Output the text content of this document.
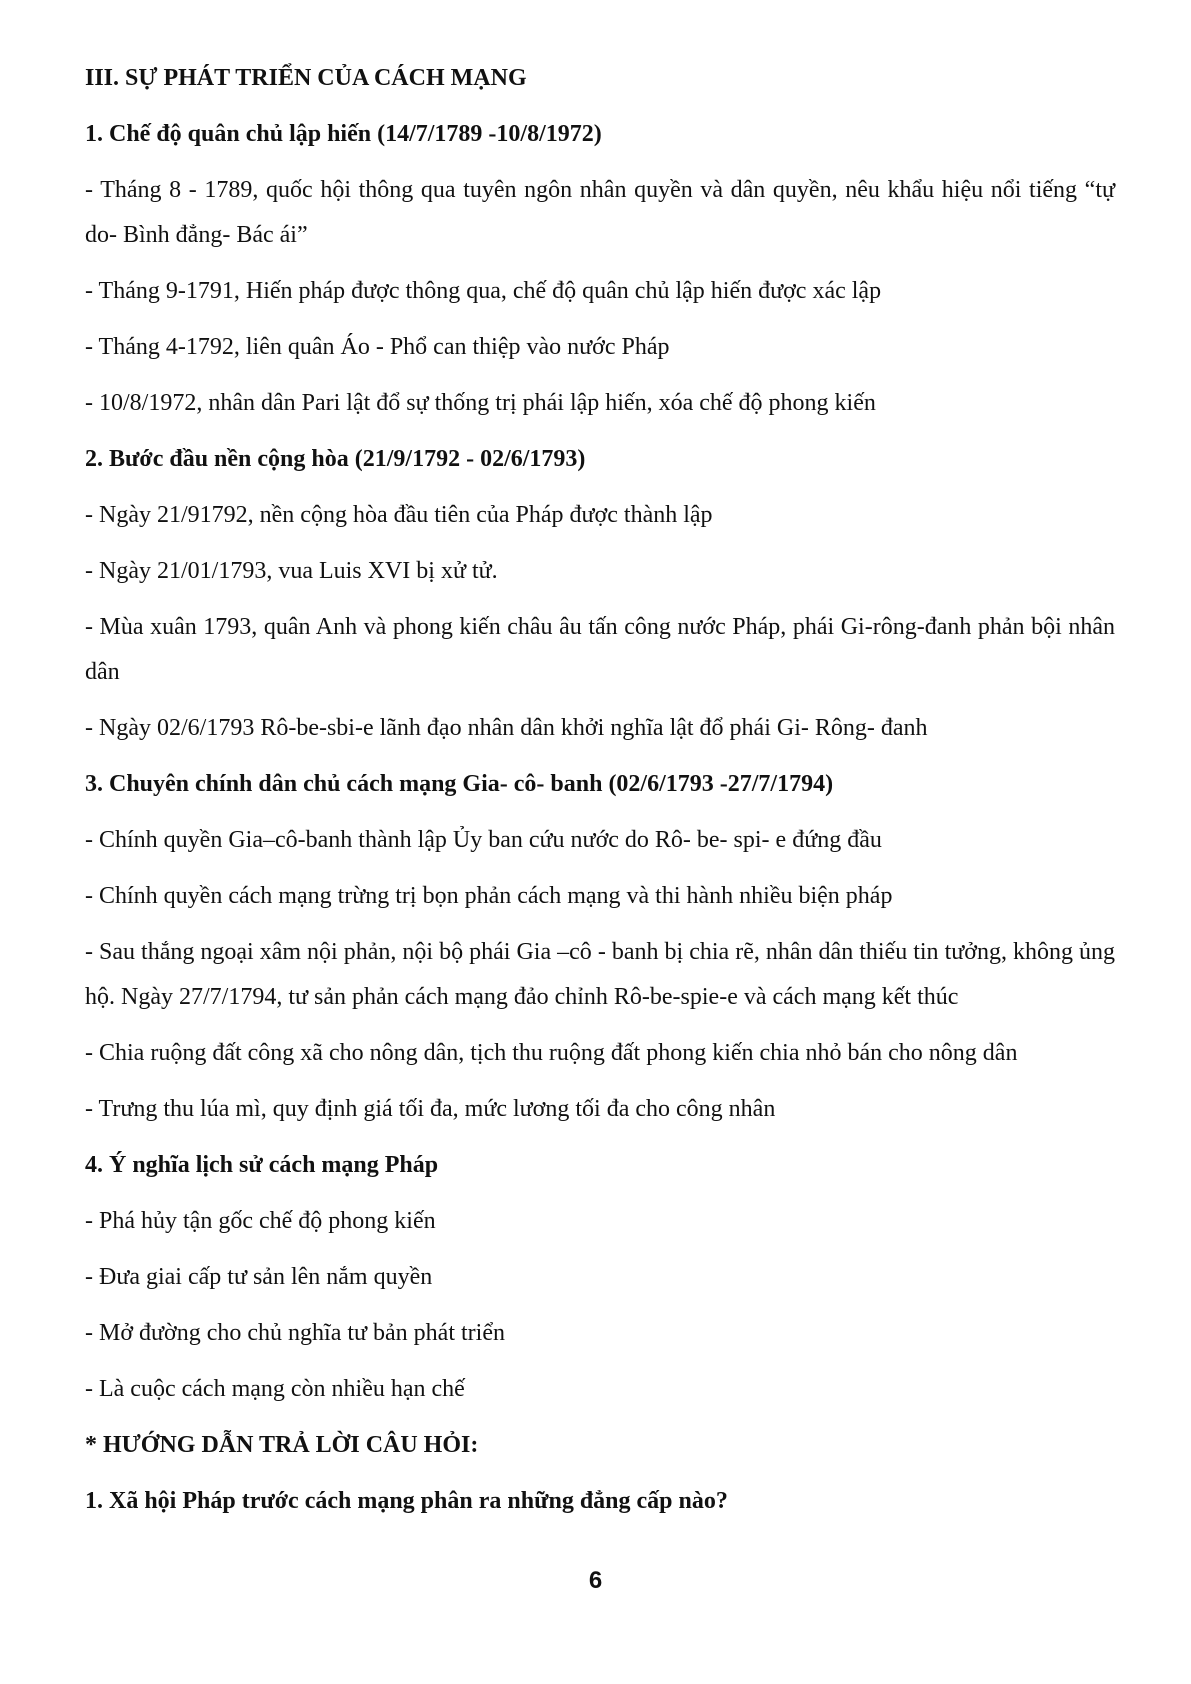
III. SỰ PHÁT TRIỂN CỦA CÁCH MẠNG

1. Chế độ quân chủ lập hiến (14/7/1789 -10/8/1972)

- Tháng 8 - 1789, quốc hội thông qua tuyên ngôn nhân quyền và dân quyền, nêu khẩu hiệu nổi tiếng “tự do- Bình đẳng- Bác ái”

- Tháng 9-1791, Hiến pháp được thông qua, chế độ quân chủ lập hiến được xác lập

- Tháng 4-1792, liên quân Áo - Phổ can thiệp vào nước Pháp

- 10/8/1972, nhân dân Pari lật đổ sự thống trị phái lập hiến, xóa chế độ phong kiến

2. Bước đầu nền cộng hòa (21/9/1792 - 02/6/1793)

- Ngày 21/91792, nền cộng hòa đầu tiên của Pháp được thành lập

- Ngày 21/01/1793, vua Luis XVI bị xử tử.

- Mùa xuân 1793, quân Anh và phong kiến châu âu tấn công nước Pháp, phái Gi-rông-đanh phản bội nhân dân

- Ngày 02/6/1793 Rô-be-sbi-e lãnh đạo nhân dân khởi nghĩa lật đổ phái Gi- Rông- đanh

3. Chuyên chính dân chủ cách mạng Gia- cô- banh (02/6/1793 -27/7/1794)

- Chính quyền Gia–cô-banh thành lập Ủy ban cứu nước do Rô- be- spi- e đứng đầu

- Chính quyền cách mạng trừng trị bọn phản cách mạng và thi hành nhiều biện pháp

- Sau thắng ngoại xâm nội phản, nội bộ phái Gia –cô - banh bị chia rẽ, nhân dân thiếu tin tưởng, không ủng hộ. Ngày 27/7/1794, tư sản phản cách mạng đảo chỉnh Rô-be-spie-e và cách mạng kết thúc

- Chia ruộng đất công xã cho nông dân, tịch thu ruộng đất phong kiến chia nhỏ bán cho nông dân

- Trưng thu lúa mì, quy định giá tối đa, mức lương tối đa cho công nhân

4. Ý nghĩa lịch sử cách mạng Pháp

- Phá hủy tận gốc chế độ phong kiến

- Đưa giai cấp tư sản lên nắm quyền

- Mở đường cho chủ nghĩa tư bản phát triển

- Là cuộc cách mạng còn nhiều hạn chế

* HƯỚNG DẪN TRẢ LỜI CÂU HỎI:

1. Xã hội Pháp trước cách mạng phân ra những đẳng cấp nào?

6
